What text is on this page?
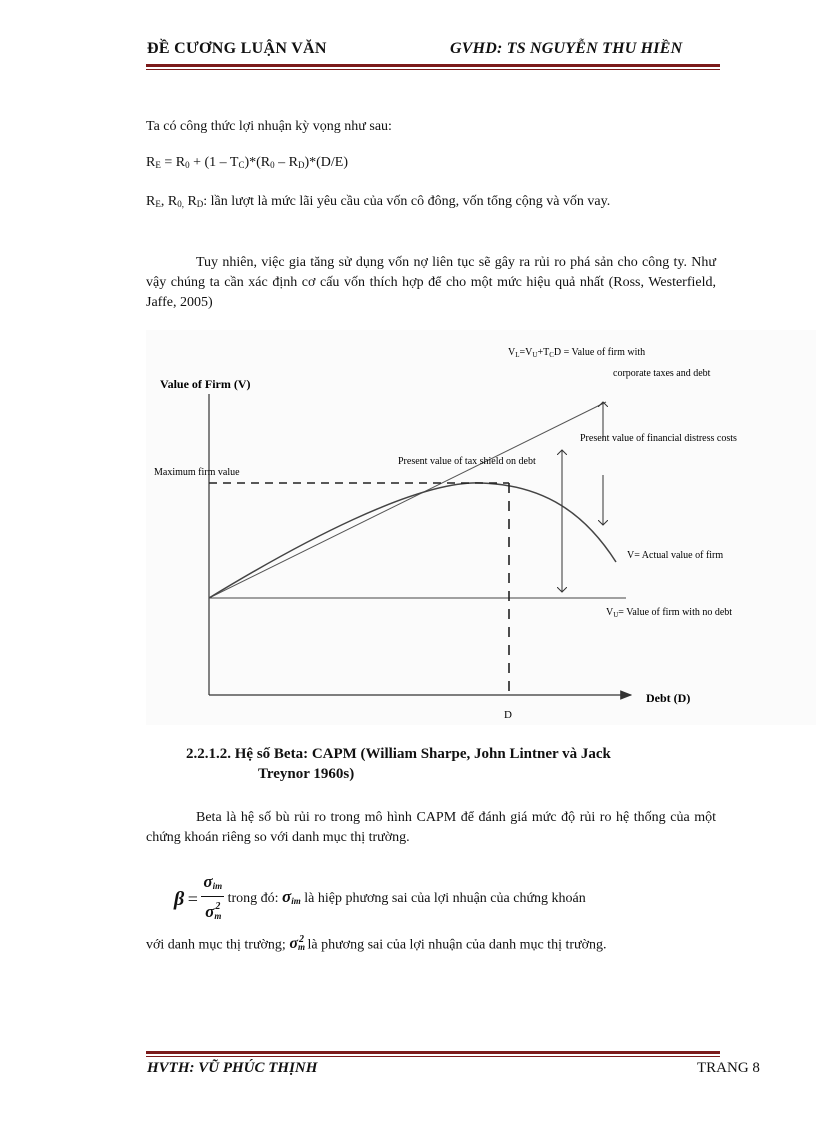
ĐỀ CƯƠNG LUẬN VĂN	GVHD: TS NGUYỄN THU HIỀN
Ta có công thức lợi nhuận kỳ vọng như sau:
$R_E = R_0 + (1 - T_C)*(R_0 - R_D)*(D/E)$
$R_E$, $R_{0,}$ $R_D$: lần lượt là mức lãi yêu cầu của vốn cô đông, vốn tổng cộng và vốn vay.
Tuy nhiên, việc gia tăng sử dụng vốn nợ liên tục sẽ gây ra rủi ro phá sản cho công ty. Như vậy chúng ta cần xác định cơ cấu vốn thích hợp để cho một mức hiệu quả nhất (Ross, Westerfield, Jaffe, 2005)
Value of Firm (V)
Debt (D)
D
$V_L=V_U+T_CD$ = Value of firm with
corporate taxes and debt
Present value of financial distress costs
Present value of tax shield on debt
Maximum firm value
V= Actual value of firm
$V_U=$ Value of firm with no debt
2.2.1.2. Hệ số Beta: CAPM (William Sharpe, John Lintner và Jack
Treynor 1960s)
Beta là hệ số bù rủi ro trong mô hình CAPM để đánh giá mức độ rủi ro hệ thống của một chứng khoán riêng so với danh mục thị trường.
$\beta = \frac{\sigma_{im}}{\sigma_m^2}$ trong đó: $\sigma_{im}$ là hiệp phương sai của lợi nhuận của chứng khoán
với danh mục thị trường; $\sigma_m^2$ là phương sai của lợi nhuận của danh mục thị trường.
HVTH: VŨ PHÚC THỊNH	TRANG 8
